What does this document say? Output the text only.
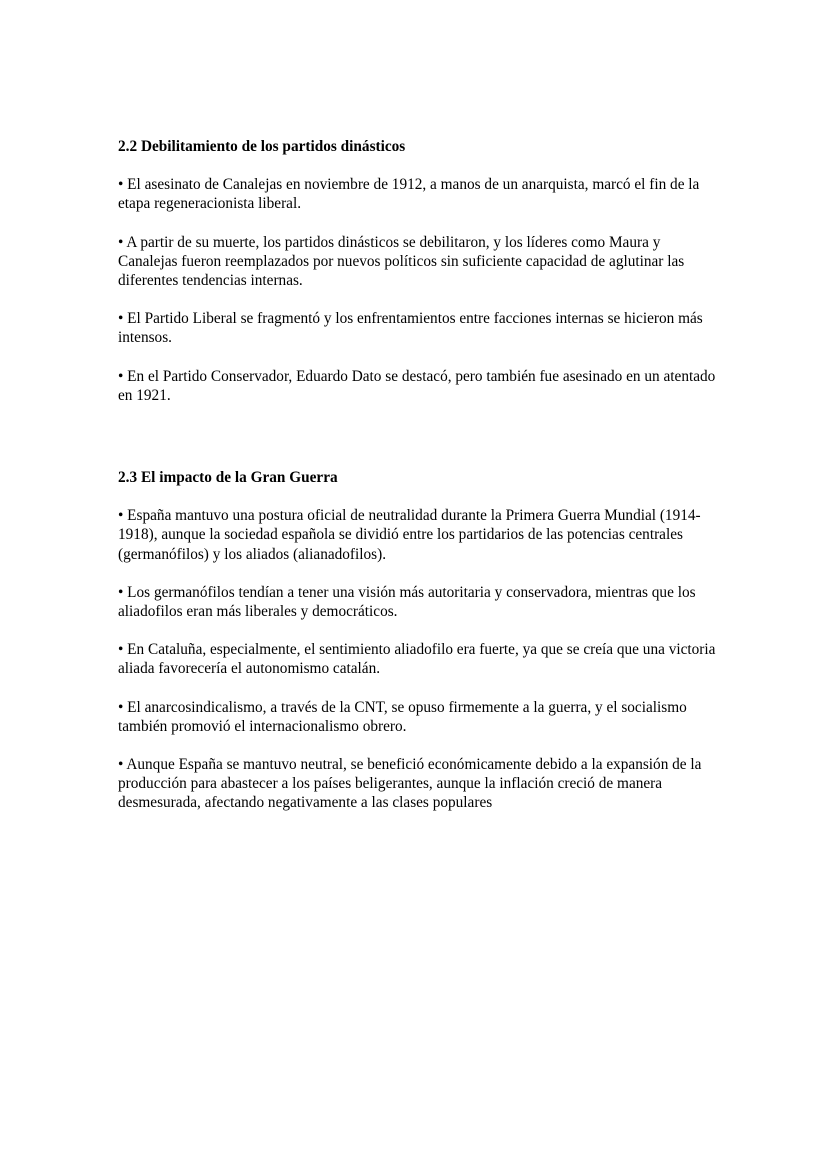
2.2 Debilitamiento de los partidos dinásticos

• El asesinato de Canalejas en noviembre de 1912, a manos de un anarquista, marcó el fin de la etapa regeneracionista liberal.

• A partir de su muerte, los partidos dinásticos se debilitaron, y los líderes como Maura y Canalejas fueron reemplazados por nuevos políticos sin suficiente capacidad de aglutinar las diferentes tendencias internas.

• El Partido Liberal se fragmentó y los enfrentamientos entre facciones internas se hicieron más intensos.

• En el Partido Conservador, Eduardo Dato se destacó, pero también fue asesinado en un atentado en 1921.

2.3 El impacto de la Gran Guerra

• España mantuvo una postura oficial de neutralidad durante la Primera Guerra Mundial (1914-1918), aunque la sociedad española se dividió entre los partidarios de las potencias centrales (germanófilos) y los aliados (alianadofilos).

• Los germanófilos tendían a tener una visión más autoritaria y conservadora, mientras que los aliadofilos eran más liberales y democráticos.

• En Cataluña, especialmente, el sentimiento aliadofilo era fuerte, ya que se creía que una victoria aliada favorecería el autonomismo catalán.

• El anarcosindicalismo, a través de la CNT, se opuso firmemente a la guerra, y el socialismo también promovió el internacionalismo obrero.

• Aunque España se mantuvo neutral, se benefició económicamente debido a la expansión de la producción para abastecer a los países beligerantes, aunque la inflación creció de manera desmesurada, afectando negativamente a las clases populares
